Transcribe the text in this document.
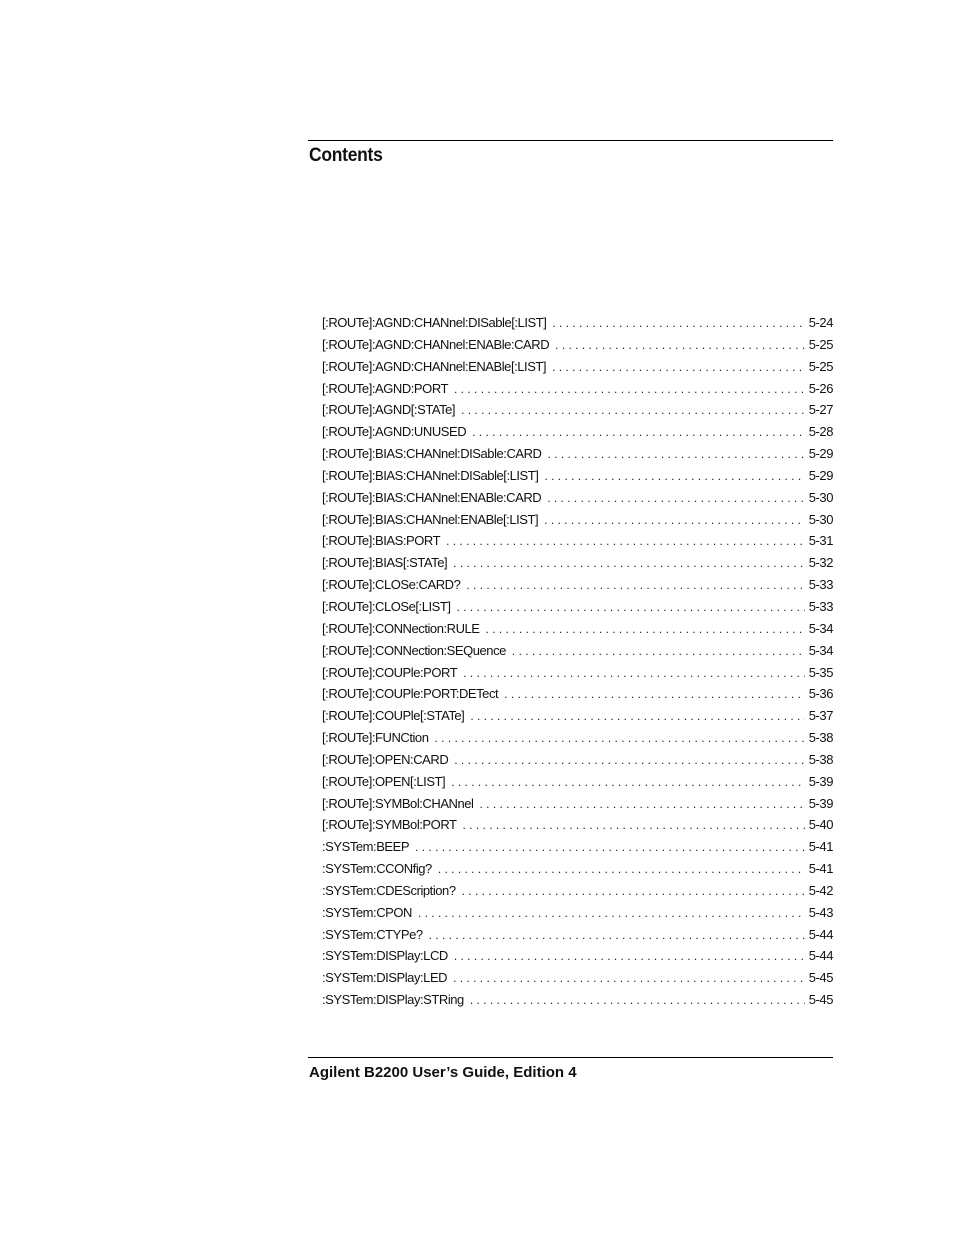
Contents
[:ROUTe]:AGND:CHANnel:DISable[:LIST] . . .	5-24
[:ROUTe]:AGND:CHANnel:ENABle:CARD . . .	5-25
[:ROUTe]:AGND:CHANnel:ENABle[:LIST] . . .	5-25
[:ROUTe]:AGND:PORT . . .	5-26
[:ROUTe]:AGND[:STATe] . . .	5-27
[:ROUTe]:AGND:UNUSED . . .	5-28
[:ROUTe]:BIAS:CHANnel:DISable:CARD . . .	5-29
[:ROUTe]:BIAS:CHANnel:DISable[:LIST] . . .	5-29
[:ROUTe]:BIAS:CHANnel:ENABle:CARD . . .	5-30
[:ROUTe]:BIAS:CHANnel:ENABle[:LIST] . . .	5-30
[:ROUTe]:BIAS:PORT . . .	5-31
[:ROUTe]:BIAS[:STATe] . . .	5-32
[:ROUTe]:CLOSe:CARD? . . .	5-33
[:ROUTe]:CLOSe[:LIST] . . .	5-33
[:ROUTe]:CONNection:RULE . . .	5-34
[:ROUTe]:CONNection:SEQuence . . .	5-34
[:ROUTe]:COUPle:PORT . . .	5-35
[:ROUTe]:COUPle:PORT:DETect . . .	5-36
[:ROUTe]:COUPle[:STATe] . . .	5-37
[:ROUTe]:FUNCtion . . .	5-38
[:ROUTe]:OPEN:CARD . . .	5-38
[:ROUTe]:OPEN[:LIST] . . .	5-39
[:ROUTe]:SYMBol:CHANnel . . .	5-39
[:ROUTe]:SYMBol:PORT . . .	5-40
:SYSTem:BEEP . . .	5-41
:SYSTem:CCONfig? . . .	5-41
:SYSTem:CDEScription? . . .	5-42
:SYSTem:CPON . . .	5-43
:SYSTem:CTYPe? . . .	5-44
:SYSTem:DISPlay:LCD . . .	5-44
:SYSTem:DISPlay:LED . . .	5-45
:SYSTem:DISPlay:STRing . . .	5-45

Agilent B2200 User’s Guide, Edition 4
